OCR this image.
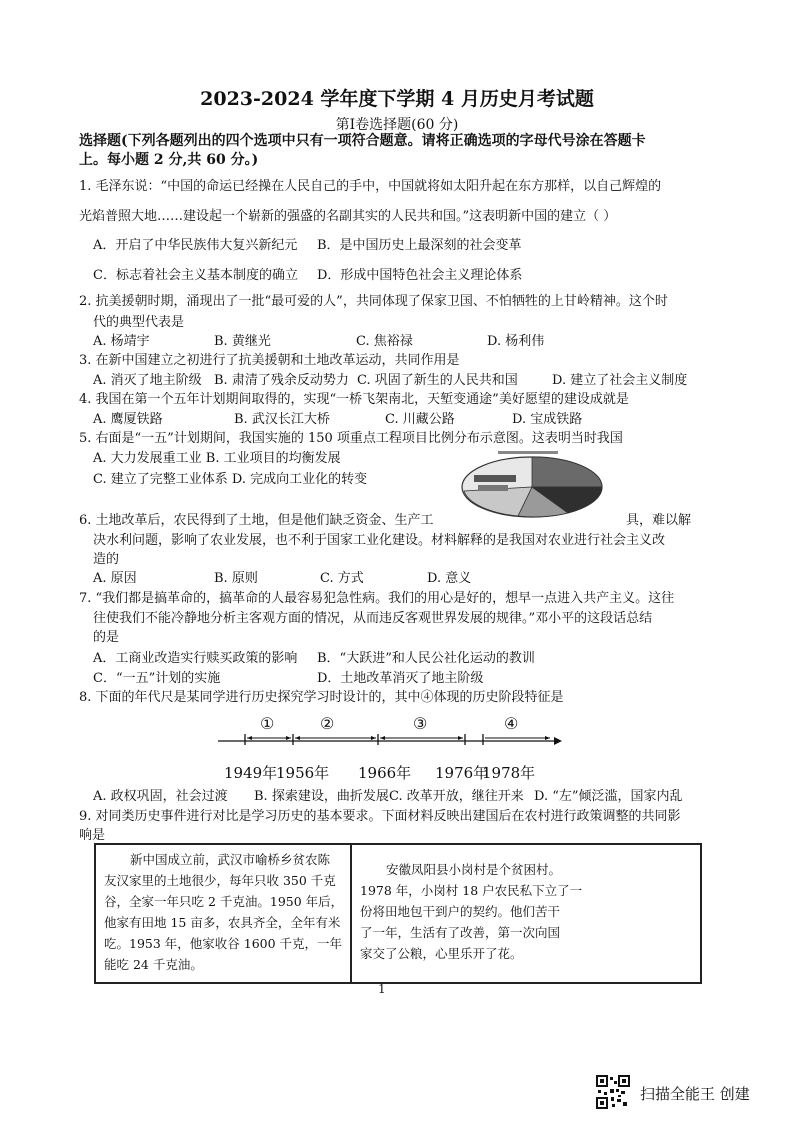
2023-2024 学年度下学期 4 月历史月考试题
第Ⅰ卷选择题(60 分)
选择题(下列各题列出的四个选项中只有一项符合题意。请将正确选项的字母代号涂在答题卡
上。每小题 2 分,共 60 分。)
1. 毛泽东说：“中国的命运已经操在人民自己的手中，中国就将如太阳升起在东方那样，以自己辉煌的
光焰普照大地……建设起一个崭新的强盛的名副其实的人民共和国。”这表明新中国的建立（ ）
A．开启了中华民族伟大复兴新纪元 B．是中国历史上最深刻的社会变革
C．标志着社会主义基本制度的确立 D．形成中国特色社会主义理论体系
2. 抗美援朝时期，涌现出了一批“最可爱的人”，共同体现了保家卫国、不怕牺牲的上甘岭精神。这个时
代的典型代表是
A. 杨靖宇	B. 黄继光	C. 焦裕禄	D. 杨利伟
3. 在新中国建立之初进行了抗美援朝和土地改革运动，共同作用是
A. 消灭了地主阶级 B. 肃清了残余反动势力 C. 巩固了新生的人民共和国	D. 建立了社会主义制度
4. 我国在第一个五年计划期间取得的，实现“一桥飞架南北，天堑变通途”美好愿望的建设成就是
A. 鹰厦铁路	B. 武汉长江大桥	C. 川藏公路	D. 宝成铁路
5. 右面是“一五”计划期间，我国实施的 150 项重点工程项目比例分布示意图。这表明当时我国
A. 大力发展重工业 B. 工业项目的均衡发展
C. 建立了完整工业体系 D. 完成向工业化的转变
6. 土地改革后，农民得到了土地，但是他们缺乏资金、生产工	具，难以解
决水利问题，影响了农业发展，也不利于国家工业化建设。材料解释的是我国对农业进行社会主义改
造的
A. 原因	B. 原则	C. 方式	D. 意义
7. “我们都是搞革命的，搞革命的人最容易犯急性病。我们的用心是好的，想早一点进入共产主义。这往
往使我们不能冷静地分析主客观方面的情况，从而违反客观世界发展的规律。”邓小平的这段话总结
的是
A．工商业改造实行赎买政策的影响 B．“大跃进”和人民公社化运动的教训
C．“一五”计划的实施	D．土地改革消灭了地主阶级
8. 下面的年代尺是某同学进行历史探究学习时设计的，其中④体现的历史阶段特征是
①	②	③	④
1949年
1956年 1966年 1976年
1978年
A. 政权巩固，社会过渡 B. 探索建设，曲折发展 C. 改革开放，继往开来 D. “左”倾泛滥，国家内乱
9. 对同类历史事件进行对比是学习历史的基本要求。下面材料反映出建国后在农村进行政策调整的共同影
响是
新中国成立前，武汉市喻桥乡贫农陈
友汉家里的土地很少，每年只收 350 千克
谷，全家一年只吃 2 千克油。1950 年后，
他家有田地 15 亩多，农具齐全，全年有米
吃。1953 年，他家收谷 1600 千克，一年
能吃 24 千克油。
安徽凤阳县小岗村是个贫困村。
1978 年，小岗村 18 户农民私下立了一
份将田地包干到户的契约。他们苦干
了一年，生活有了改善，第一次向国
家交了公粮，心里乐开了花。
1
扫描全能王 创建
